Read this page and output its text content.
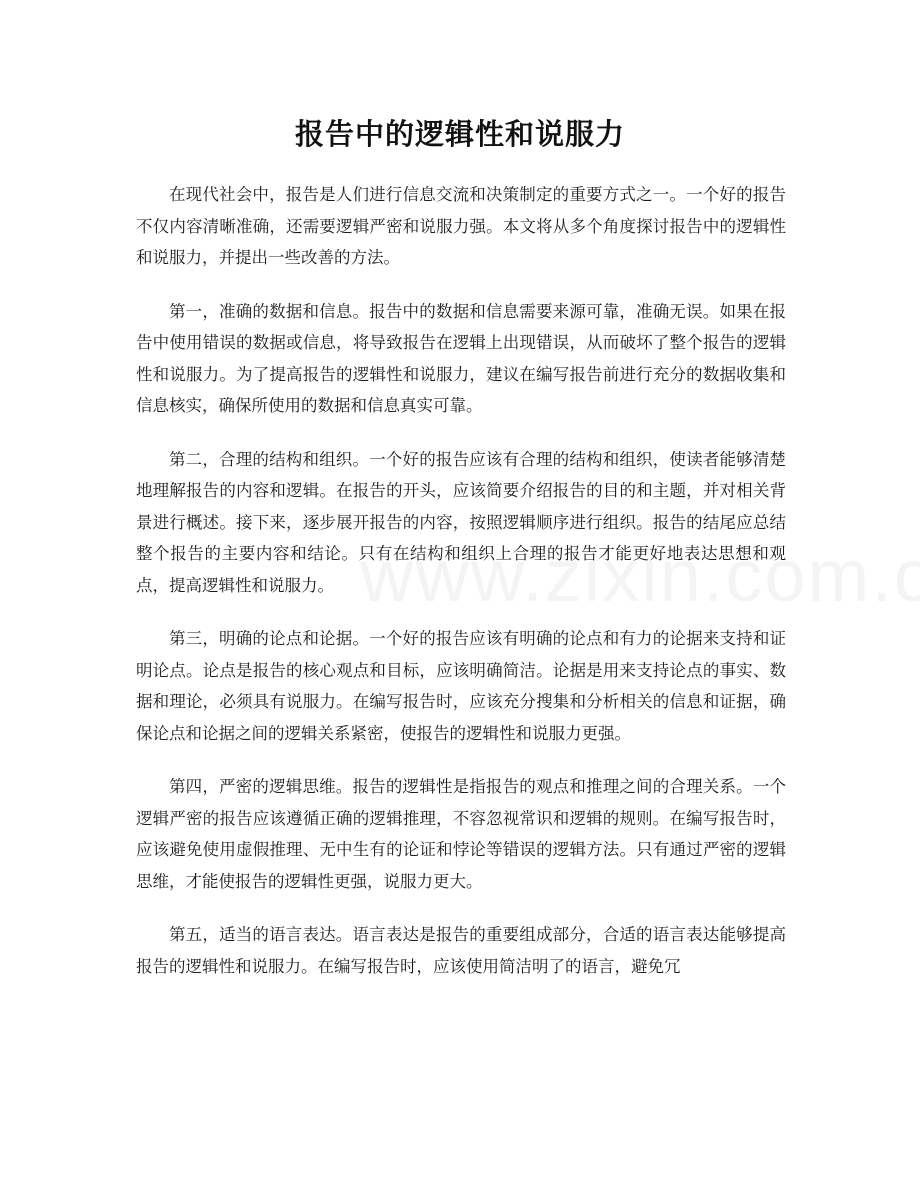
报告中的逻辑性和说服力

在现代社会中，报告是人们进行信息交流和决策制定的重要方式之一。一个好的报告不仅内容清晰准确，还需要逻辑严密和说服力强。本文将从多个角度探讨报告中的逻辑性和说服力，并提出一些改善的方法。

第一，准确的数据和信息。报告中的数据和信息需要来源可靠，准确无误。如果在报告中使用错误的数据或信息，将导致报告在逻辑上出现错误，从而破坏了整个报告的逻辑性和说服力。为了提高报告的逻辑性和说服力，建议在编写报告前进行充分的数据收集和信息核实，确保所使用的数据和信息真实可靠。

第二，合理的结构和组织。一个好的报告应该有合理的结构和组织，使读者能够清楚地理解报告的内容和逻辑。在报告的开头，应该简要介绍报告的目的和主题，并对相关背景进行概述。接下来，逐步展开报告的内容，按照逻辑顺序进行组织。报告的结尾应总结整个报告的主要内容和结论。只有在结构和组织上合理的报告才能更好地表达思想和观点，提高逻辑性和说服力。

第三，明确的论点和论据。一个好的报告应该有明确的论点和有力的论据来支持和证明论点。论点是报告的核心观点和目标，应该明确简洁。论据是用来支持论点的事实、数据和理论，必须具有说服力。在编写报告时，应该充分搜集和分析相关的信息和证据，确保论点和论据之间的逻辑关系紧密，使报告的逻辑性和说服力更强。

第四，严密的逻辑思维。报告的逻辑性是指报告的观点和推理之间的合理关系。一个逻辑严密的报告应该遵循正确的逻辑推理，不容忽视常识和逻辑的规则。在编写报告时，应该避免使用虚假推理、无中生有的论证和悖论等错误的逻辑方法。只有通过严密的逻辑思维，才能使报告的逻辑性更强，说服力更大。

第五，适当的语言表达。语言表达是报告的重要组成部分，合适的语言表达能够提高报告的逻辑性和说服力。在编写报告时，应该使用简洁明了的语言，避免冗
